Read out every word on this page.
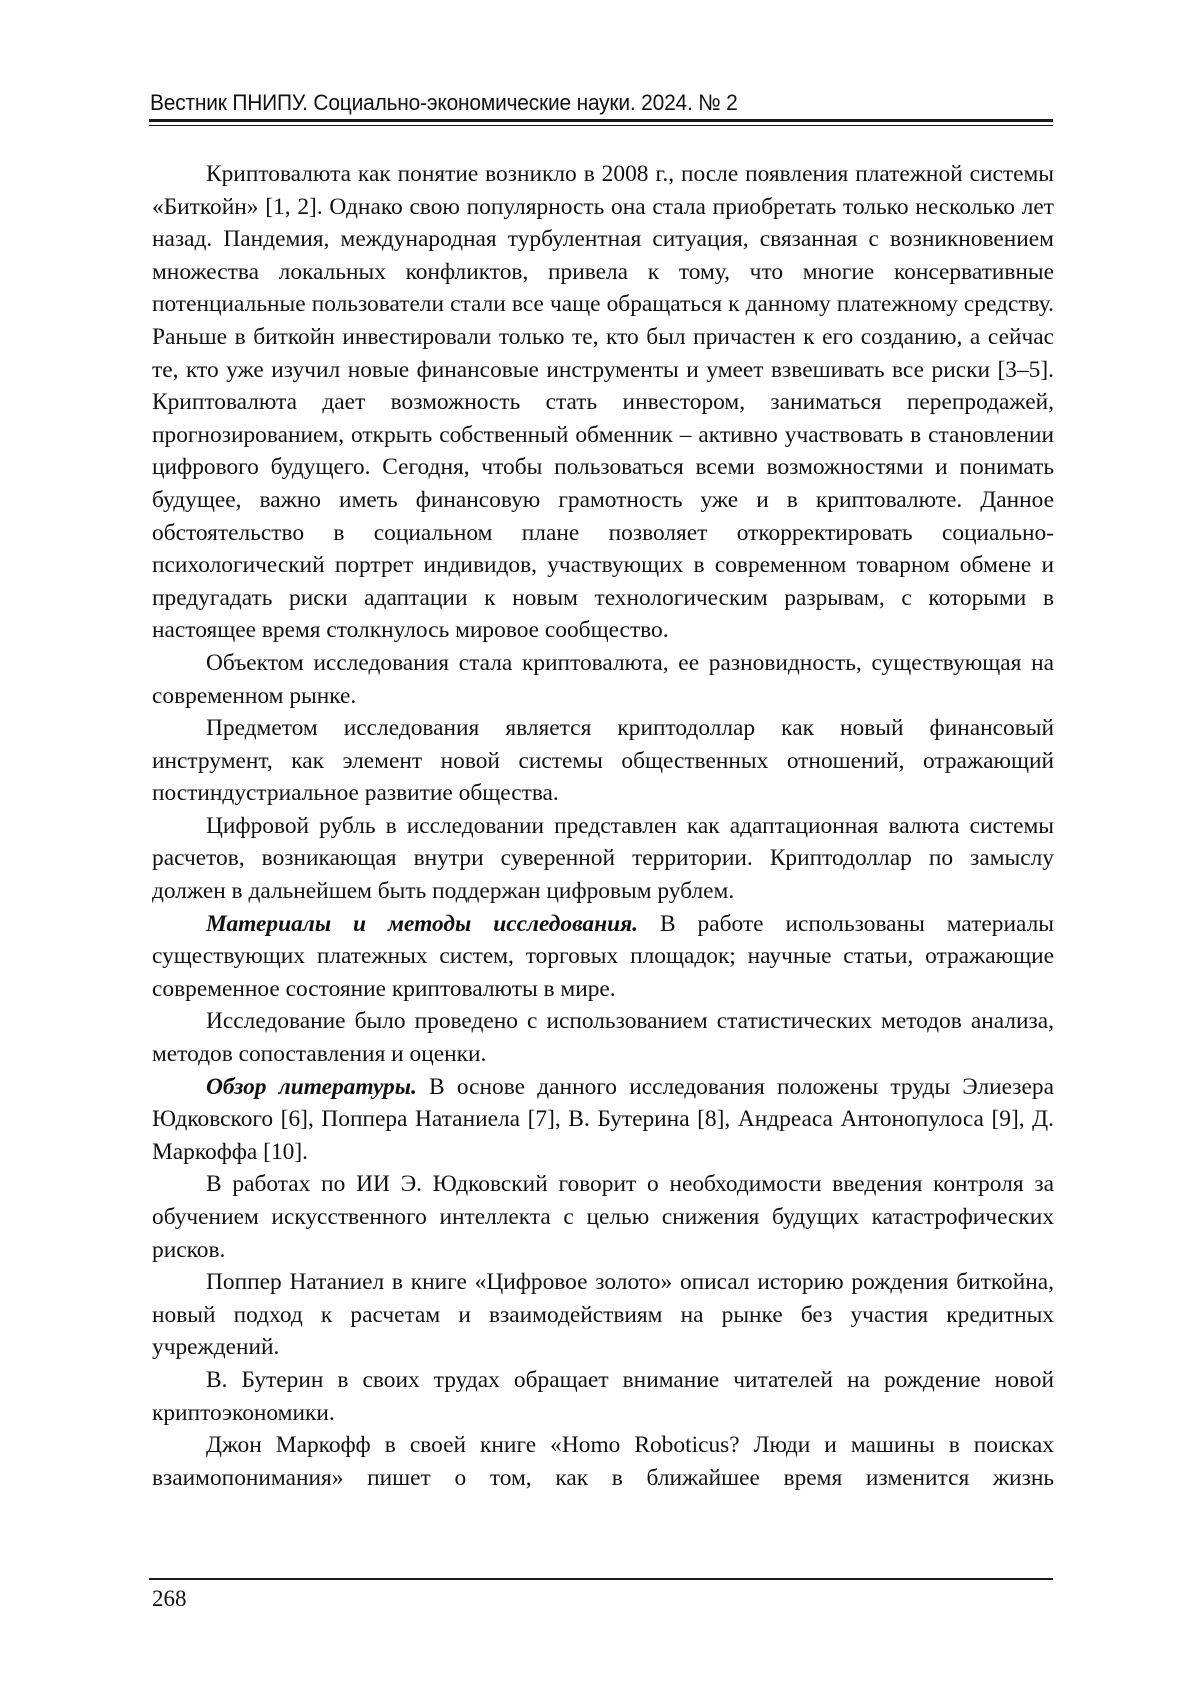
Вестник ПНИПУ. Социально-экономические науки. 2024. № 2

Криптовалюта как понятие возникло в 2008 г., после появления платежной системы «Биткойн» [1, 2]. Однако свою популярность она стала приобретать только несколько лет назад. Пандемия, международная турбулентная ситуация, связанная с возникновением множества локальных конфликтов, привела к тому, что многие консервативные потенциальные пользователи стали все чаще обращаться к данному платежному средству. Раньше в биткойн инвестировали только те, кто был причастен к его созданию, а сейчас те, кто уже изучил новые финансовые инструменты и умеет взвешивать все риски [3–5]. Криптовалюта дает возможность стать инвестором, заниматься перепродажей, прогнозированием, открыть собственный обменник – активно участвовать в становлении цифрового будущего. Сегодня, чтобы пользоваться всеми возможностями и понимать будущее, важно иметь финансовую грамотность уже и в криптовалюте. Данное обстоятельство в социальном плане позволяет откорректировать социально-психологический портрет индивидов, участвующих в современном товарном обмене и предугадать риски адаптации к новым технологическим разрывам, с которыми в настоящее время столкнулось мировое сообщество.

Объектом исследования стала криптовалюта, ее разновидность, существующая на современном рынке.

Предметом исследования является криптодоллар как новый финансовый инструмент, как элемент новой системы общественных отношений, отражающий постиндустриальное развитие общества.

Цифровой рубль в исследовании представлен как адаптационная валюта системы расчетов, возникающая внутри суверенной территории. Криптодоллар по замыслу должен в дальнейшем быть поддержан цифровым рублем.

Материалы и методы исследования. В работе использованы материалы существующих платежных систем, торговых площадок; научные статьи, отражающие современное состояние криптовалюты в мире.

Исследование было проведено с использованием статистических методов анализа, методов сопоставления и оценки.

Обзор литературы. В основе данного исследования положены труды Элиезера Юдковского [6], Поппера Натаниела [7], В. Бутерина [8], Андреаса Антонопулоса [9], Д. Маркоффа [10].

В работах по ИИ Э. Юдковский говорит о необходимости введения контроля за обучением искусственного интеллекта с целью снижения будущих катастрофических рисков.

Поппер Натаниел в книге «Цифровое золото» описал историю рождения биткойна, новый подход к расчетам и взаимодействиям на рынке без участия кредитных учреждений.

В. Бутерин в своих трудах обращает внимание читателей на рождение новой криптоэкономики.

Джон Маркофф в своей книге «Homo Roboticus? Люди и машины в поисках взаимопонимания» пишет о том, как в ближайшее время изменится жизнь

268
